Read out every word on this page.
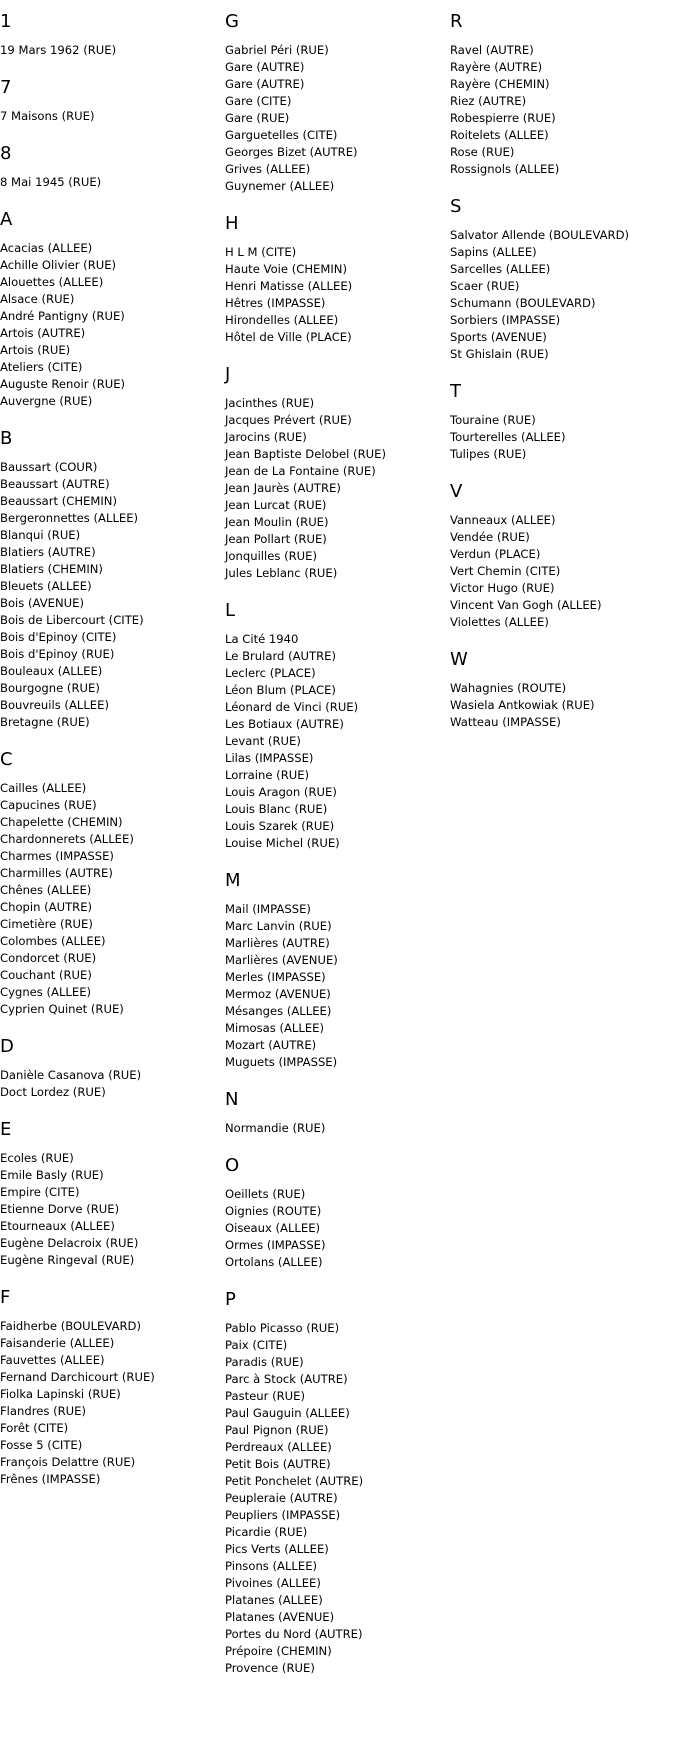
1
19 Mars 1962 (RUE)
7
7 Maisons (RUE)
8
8 Mai 1945 (RUE)
A
Acacias (ALLEE)
Achille Olivier (RUE)
Alouettes (ALLEE)
Alsace (RUE)
André Pantigny (RUE)
Artois (AUTRE)
Artois (RUE)
Ateliers (CITE)
Auguste Renoir (RUE)
Auvergne (RUE)
B
Baussart (COUR)
Beaussart (AUTRE)
Beaussart (CHEMIN)
Bergeronnettes (ALLEE)
Blanqui (RUE)
Blatiers (AUTRE)
Blatiers (CHEMIN)
Bleuets (ALLEE)
Bois (AVENUE)
Bois de Libercourt (CITE)
Bois d'Epinoy (CITE)
Bois d'Epinoy (RUE)
Bouleaux (ALLEE)
Bourgogne (RUE)
Bouvreuils (ALLEE)
Bretagne (RUE)
C
Cailles (ALLEE)
Capucines (RUE)
Chapelette (CHEMIN)
Chardonnerets (ALLEE)
Charmes (IMPASSE)
Charmilles (AUTRE)
Chênes (ALLEE)
Chopin (AUTRE)
Cimetière (RUE)
Colombes (ALLEE)
Condorcet (RUE)
Couchant (RUE)
Cygnes (ALLEE)
Cyprien Quinet (RUE)
D
Danièle Casanova (RUE)
Doct Lordez (RUE)
E
Ecoles (RUE)
Emile Basly (RUE)
Empire (CITE)
Etienne Dorve (RUE)
Etourneaux (ALLEE)
Eugène Delacroix (RUE)
Eugène Ringeval (RUE)
F
Faidherbe (BOULEVARD)
Faisanderie (ALLEE)
Fauvettes (ALLEE)
Fernand Darchicourt (RUE)
Fiolka Lapinski (RUE)
Flandres (RUE)
Forêt (CITE)
Fosse 5 (CITE)
François Delattre (RUE)
Frênes (IMPASSE)
G
Gabriel Péri (RUE)
Gare (AUTRE)
Gare (AUTRE)
Gare (CITE)
Gare (RUE)
Garguetelles (CITE)
Georges Bizet (AUTRE)
Grives (ALLEE)
Guynemer (ALLEE)
H
H L M (CITE)
Haute Voie (CHEMIN)
Henri Matisse (ALLEE)
Hêtres (IMPASSE)
Hirondelles (ALLEE)
Hôtel de Ville (PLACE)
J
Jacinthes (RUE)
Jacques Prévert (RUE)
Jarocins (RUE)
Jean Baptiste Delobel (RUE)
Jean de La Fontaine (RUE)
Jean Jaurès (AUTRE)
Jean Lurcat (RUE)
Jean Moulin (RUE)
Jean Pollart (RUE)
Jonquilles (RUE)
Jules Leblanc (RUE)
L
La Cité 1940
Le Brulard (AUTRE)
Leclerc (PLACE)
Léon Blum (PLACE)
Léonard de Vinci (RUE)
Les Botiaux (AUTRE)
Levant (RUE)
Lilas (IMPASSE)
Lorraine (RUE)
Louis Aragon (RUE)
Louis Blanc (RUE)
Louis Szarek (RUE)
Louise Michel (RUE)
M
Mail (IMPASSE)
Marc Lanvin (RUE)
Marlières (AUTRE)
Marlières (AVENUE)
Merles (IMPASSE)
Mermoz (AVENUE)
Mésanges (ALLEE)
Mimosas (ALLEE)
Mozart (AUTRE)
Muguets (IMPASSE)
N
Normandie (RUE)
O
Oeillets (RUE)
Oignies (ROUTE)
Oiseaux (ALLEE)
Ormes (IMPASSE)
Ortolans (ALLEE)
P
Pablo Picasso (RUE)
Paix (CITE)
Paradis (RUE)
Parc à Stock (AUTRE)
Pasteur (RUE)
Paul Gauguin (ALLEE)
Paul Pignon (RUE)
Perdreaux (ALLEE)
Petit Bois (AUTRE)
Petit Ponchelet (AUTRE)
Peupleraie (AUTRE)
Peupliers (IMPASSE)
Picardie (RUE)
Pics Verts (ALLEE)
Pinsons (ALLEE)
Pivoines (ALLEE)
Platanes (ALLEE)
Platanes (AVENUE)
Portes du Nord (AUTRE)
Prépoire (CHEMIN)
Provence (RUE)
R
Ravel (AUTRE)
Rayère (AUTRE)
Rayère (CHEMIN)
Riez (AUTRE)
Robespierre (RUE)
Roitelets (ALLEE)
Rose (RUE)
Rossignols (ALLEE)
S
Salvator Allende (BOULEVARD)
Sapins (ALLEE)
Sarcelles (ALLEE)
Scaer (RUE)
Schumann (BOULEVARD)
Sorbiers (IMPASSE)
Sports (AVENUE)
St Ghislain (RUE)
T
Touraine (RUE)
Tourterelles (ALLEE)
Tulipes (RUE)
V
Vanneaux (ALLEE)
Vendée (RUE)
Verdun (PLACE)
Vert Chemin (CITE)
Victor Hugo (RUE)
Vincent Van Gogh (ALLEE)
Violettes (ALLEE)
W
Wahagnies (ROUTE)
Wasiela Antkowiak (RUE)
Watteau (IMPASSE)
